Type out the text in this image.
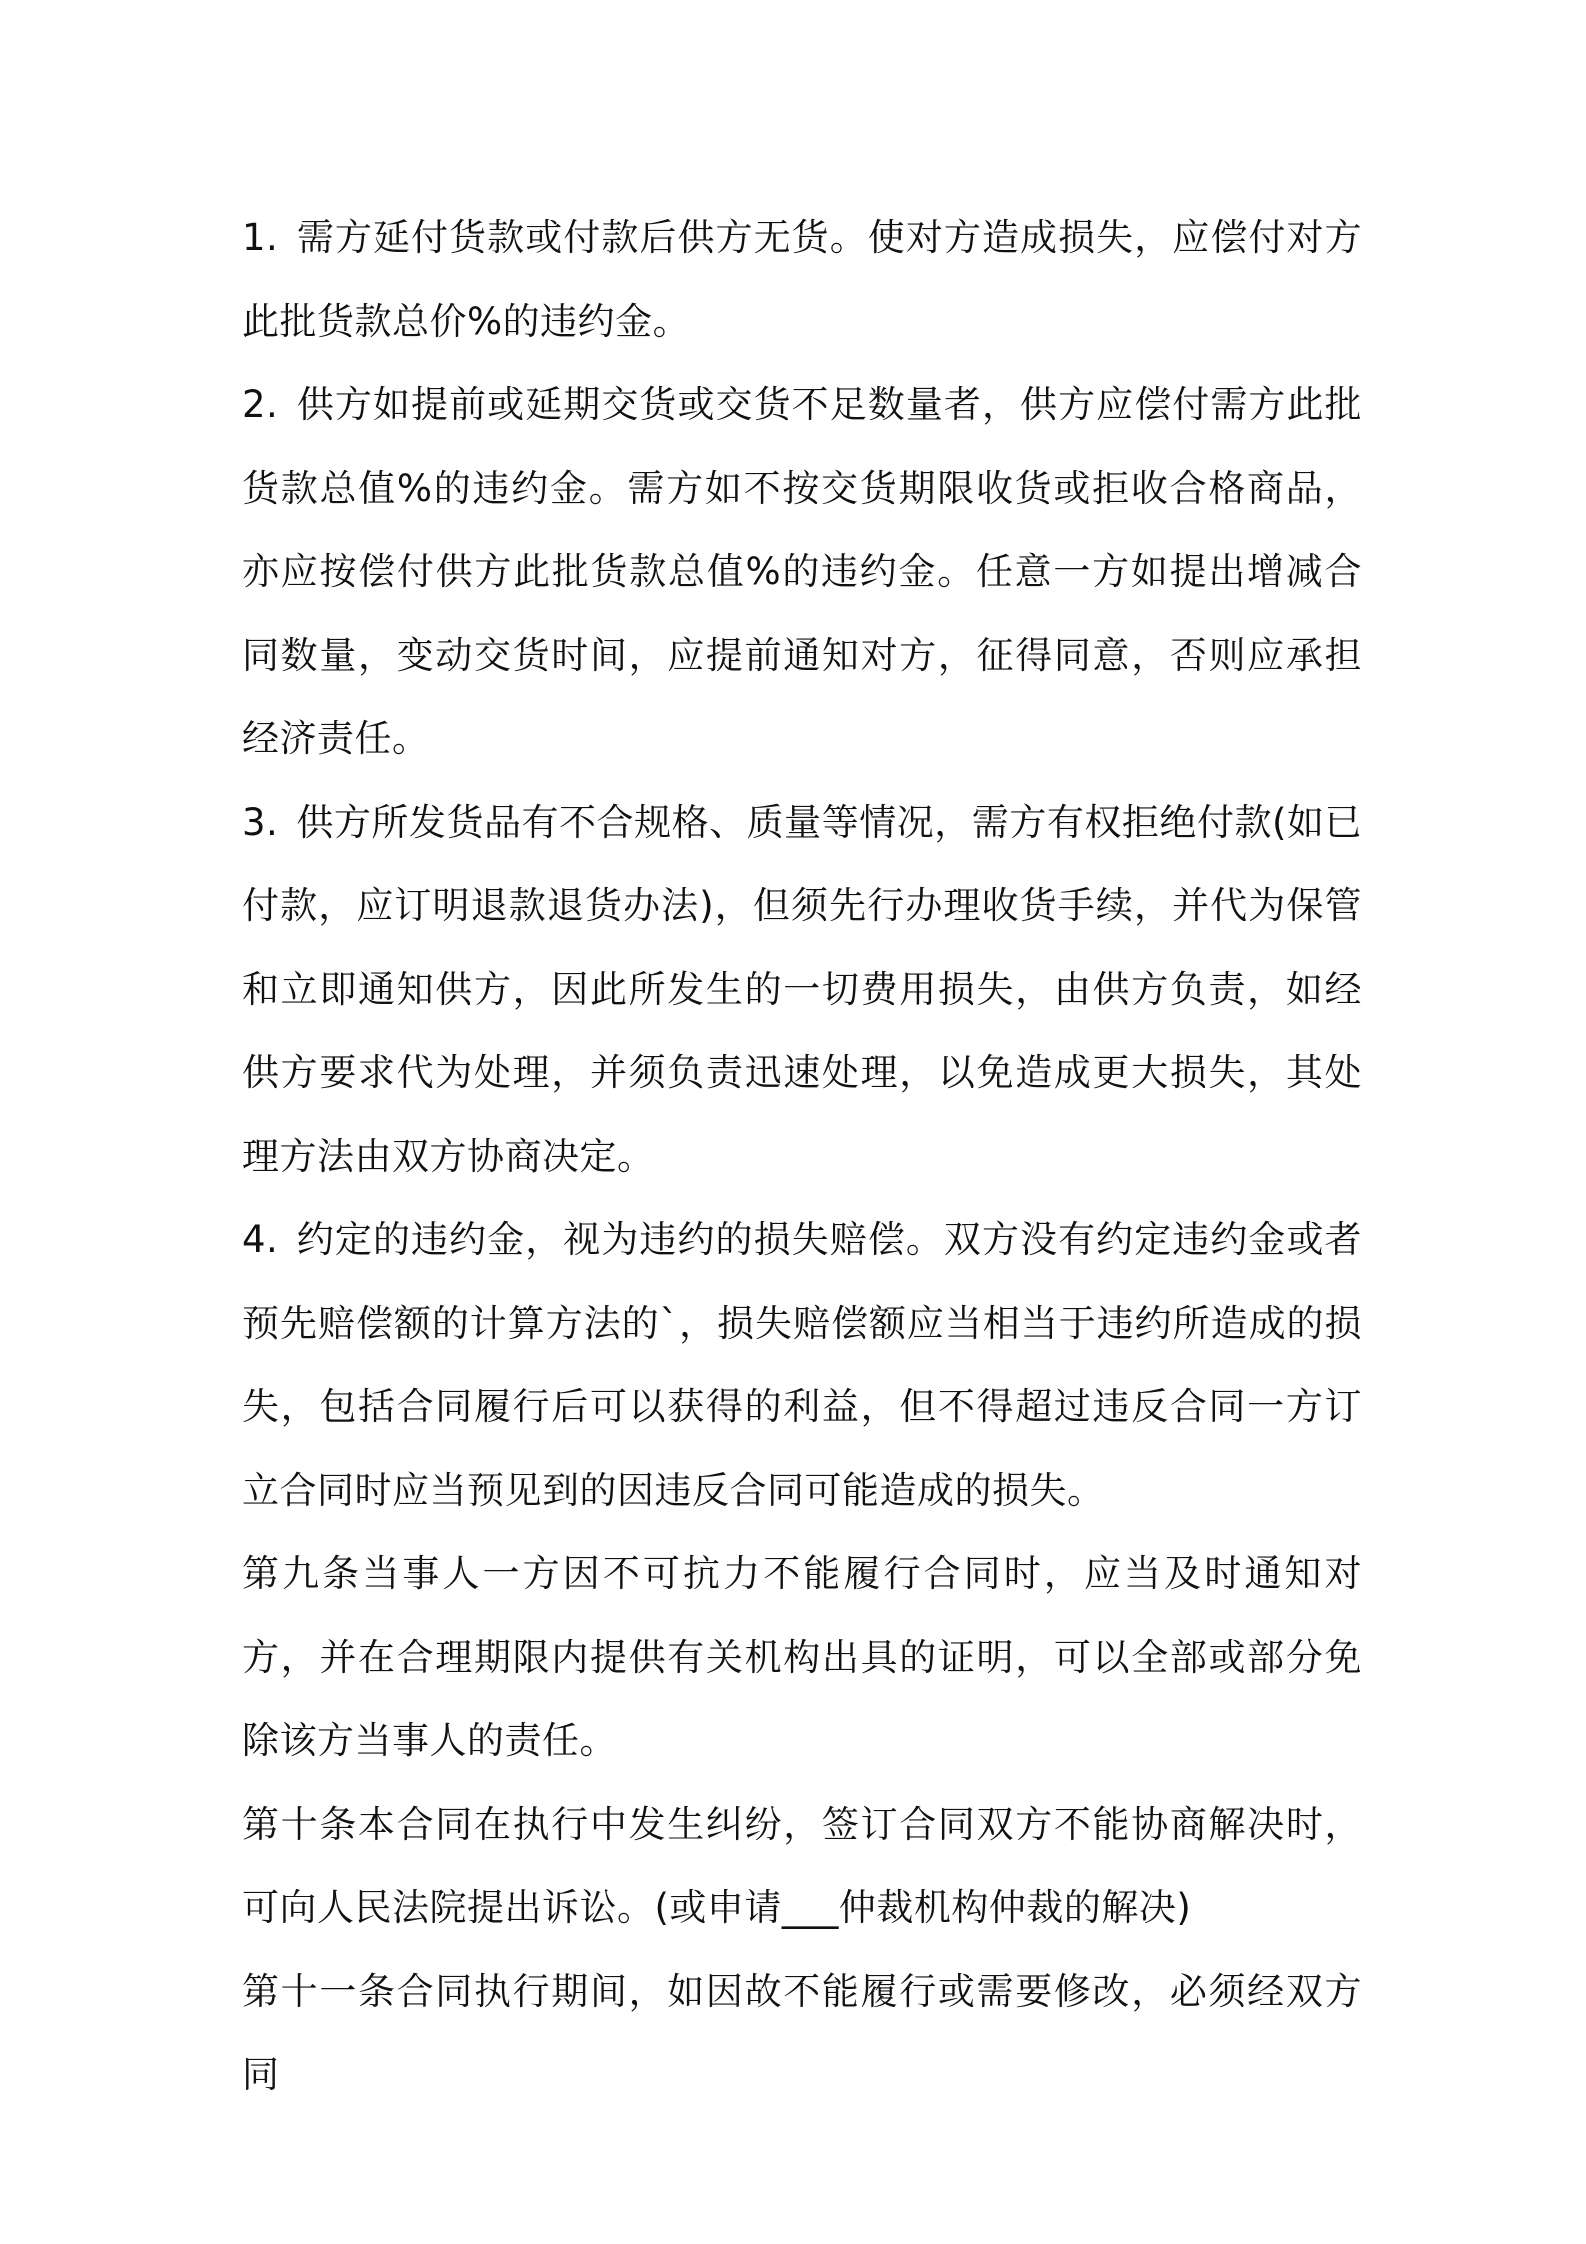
1. 需方延付货款或付款后供方无货。使对方造成损失，应偿付对方此批货款总价%的违约金。

2. 供方如提前或延期交货或交货不足数量者，供方应偿付需方此批货款总值%的违约金。需方如不按交货期限收货或拒收合格商品，亦应按偿付供方此批货款总值%的违约金。任意一方如提出增减合同数量，变动交货时间，应提前通知对方，征得同意，否则应承担经济责任。

3. 供方所发货品有不合规格、质量等情况，需方有权拒绝付款(如已付款，应订明退款退货办法)，但须先行办理收货手续，并代为保管和立即通知供方，因此所发生的一切费用损失，由供方负责，如经供方要求代为处理，并须负责迅速处理，以免造成更大损失，其处理方法由双方协商决定。

4. 约定的违约金，视为违约的损失赔偿。双方没有约定违约金或者预先赔偿额的计算方法的`，损失赔偿额应当相当于违约所造成的损失，包括合同履行后可以获得的利益，但不得超过违反合同一方订立合同时应当预见到的因违反合同可能造成的损失。

第九条当事人一方因不可抗力不能履行合同时，应当及时通知对方，并在合理期限内提供有关机构出具的证明，可以全部或部分免除该方当事人的责任。

第十条本合同在执行中发生纠纷，签订合同双方不能协商解决时，可向人民法院提出诉讼。(或申请___仲裁机构仲裁的解决)

第十一条合同执行期间，如因故不能履行或需要修改，必须经双方同
